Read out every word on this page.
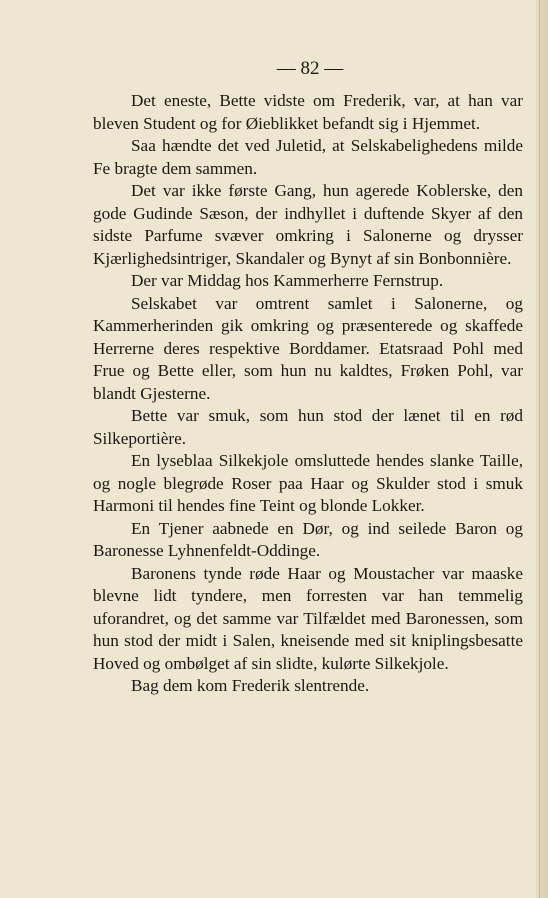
— 82 —

Det eneste, Bette vidste om Frederik, var, at han var bleven Student og for Øieblikket befandt sig i Hjemmet.

Saa hændte det ved Juletid, at Selskabelighedens milde Fe bragte dem sammen.

Det var ikke første Gang, hun agerede Koblerske, den gode Gudinde Sæson, der indhyllet i duftende Skyer af den sidste Parfume svæver omkring i Salonerne og drysser Kjærlighedsintriger, Skandaler og Bynyt af sin Bonbonnière.

Der var Middag hos Kammerherre Fernstrup.

Selskabet var omtrent samlet i Salonerne, og Kammerherinden gik omkring og præsenterede og skaffede Herrerne deres respektive Borddamer. Etatsraad Pohl med Frue og Bette eller, som hun nu kaldtes, Frøken Pohl, var blandt Gjesterne.

Bette var smuk, som hun stod der lænet til en rød Silkeportière.

En lyseblaa Silkekjole omsluttede hendes slanke Taille, og nogle blegrøde Roser paa Haar og Skulder stod i smuk Harmoni til hendes fine Teint og blonde Lokker.

En Tjener aabnede en Dør, og ind seilede Baron og Baronesse Lyhnenfeldt-Oddinge.

Baronens tynde røde Haar og Moustacher var maaske blevne lidt tyndere, men forresten var han temmelig uforandret, og det samme var Tilfældet med Baronessen, som hun stod der midt i Salen, kneisende med sit kniplingsbesatte Hoved og ombølget af sin slidte, kulørte Silkekjole.

Bag dem kom Frederik slentrende.
